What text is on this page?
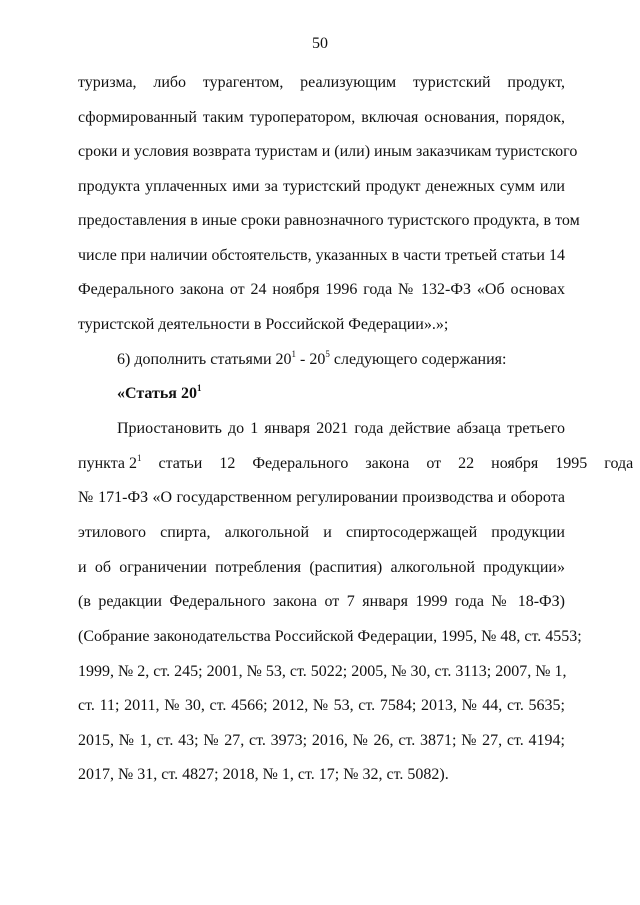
50
туризма, либо турагентом, реализующим туристский продукт,
сформированный таким туроператором, включая основания, порядок,
сроки и условия возврата туристам и (или) иным заказчикам туристского
продукта уплаченных ими за туристский продукт денежных сумм или
предоставления в иные сроки равнозначного туристского продукта, в том
числе при наличии обстоятельств, указанных в части третьей статьи 14
Федерального закона от 24 ноября 1996 года № 132-ФЗ «Об основах
туристской деятельности в Российской Федерации».»;
6) дополнить статьями $20^1 - 20^5$ следующего содержания:
«Статья $20^1$
Приостановить до 1 января 2021 года действие абзаца третьего
пункта $2^1$ статьи 12 Федерального закона от 22 ноября 1995 года
№ 171-ФЗ «О государственном регулировании производства и оборота
этилового спирта, алкогольной и спиртосодержащей продукции
и об ограничении потребления (распития) алкогольной продукции»
(в редакции Федерального закона от 7 января 1999 года № 18-ФЗ)
(Собрание законодательства Российской Федерации, 1995, № 48, ст. 4553;
1999, № 2, ст. 245; 2001, № 53, ст. 5022; 2005, № 30, ст. 3113; 2007, № 1,
ст. 11; 2011, № 30, ст. 4566; 2012, № 53, ст. 7584; 2013, № 44, ст. 5635;
2015, № 1, ст. 43; № 27, ст. 3973; 2016, № 26, ст. 3871; № 27, ст. 4194;
2017, № 31, ст. 4827; 2018, № 1, ст. 17; № 32, ст. 5082).
